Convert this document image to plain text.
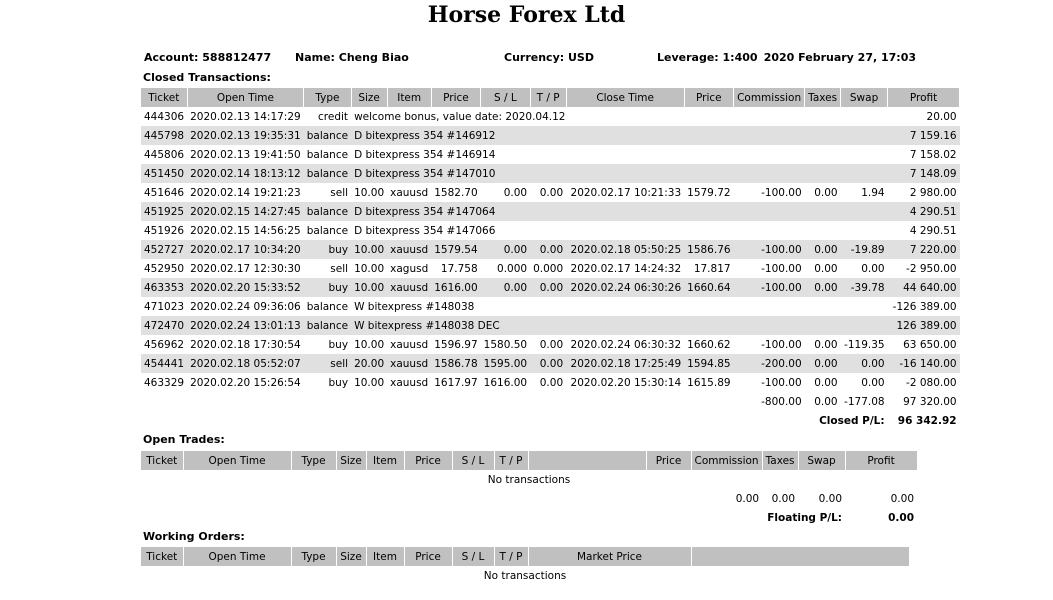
Horse Forex Ltd
Account: 588812477 Name: Cheng Biao	Currency: USD	Leverage: 1:400 2020 February 27, 17:03
Closed Transactions:
Ticket	Open Time	Type	Size	Item	Price	S / L	T / P	Close Time	Price	Commission	Taxes	Swap	Profit
444306	2020.02.13 14:17:29	credit	welcome bonus, value date: 2020.04.12										20.00
445798	2020.02.13 19:35:31	balance	D bitexpress 354 #146912										7 159.16
445806	2020.02.13 19:41:50	balance	D bitexpress 354 #146914										7 158.02
451450	2020.02.14 18:13:12	balance	D bitexpress 354 #147010										7 148.09
451646	2020.02.14 19:21:23	sell	10.00	xauusd	1582.70	0.00	0.00	2020.02.17 10:21:33	1579.72	-100.00	0.00	1.94	2 980.00
451925	2020.02.15 14:27:45	balance	D bitexpress 354 #147064										4 290.51
451926	2020.02.15 14:56:25	balance	D bitexpress 354 #147066										4 290.51
452727	2020.02.17 10:34:20	buy	10.00	xauusd	1579.54	0.00	0.00	2020.02.18 05:50:25	1586.76	-100.00	0.00	-19.89	7 220.00
452950	2020.02.17 12:30:30	sell	10.00	xagusd	17.758	0.000	0.000	2020.02.17 14:24:32	17.817	-100.00	0.00	0.00	-2 950.00
463353	2020.02.20 15:33:52	buy	10.00	xauusd	1616.00	0.00	0.00	2020.02.24 06:30:26	1660.64	-100.00	0.00	-39.78	44 640.00
471023	2020.02.24 09:36:06	balance	W bitexpress #148038										-126 389.00
472470	2020.02.24 13:01:13	balance	W bitexpress #148038 DEC										126 389.00
456962	2020.02.18 17:30:54	buy	10.00	xauusd	1596.97	1580.50	0.00	2020.02.24 06:30:32	1660.62	-100.00	0.00	-119.35	63 650.00
454441	2020.02.18 05:52:07	sell	20.00	xauusd	1586.78	1595.00	0.00	2020.02.18 17:25:49	1594.85	-200.00	0.00	0.00	-16 140.00
463329	2020.02.20 15:26:54	buy	10.00	xauusd	1617.97	1616.00	0.00	2020.02.20 15:30:14	1615.89	-100.00	0.00	0.00	-2 080.00
										-800.00	0.00	-177.08	97 320.00
										Closed P/L:			96 342.92
Open Trades:
Ticket	Open Time	Type	Size	Item	Price	S / L	T / P		Price	Commission	Taxes	Swap	Profit
No transactions													
										0.00	0.00	0.00	0.00
										Floating P/L:			0.00
Working Orders:
Ticket	Open Time	Type	Size	Item	Price	S / L	T / P	Market Price	
No transactions
